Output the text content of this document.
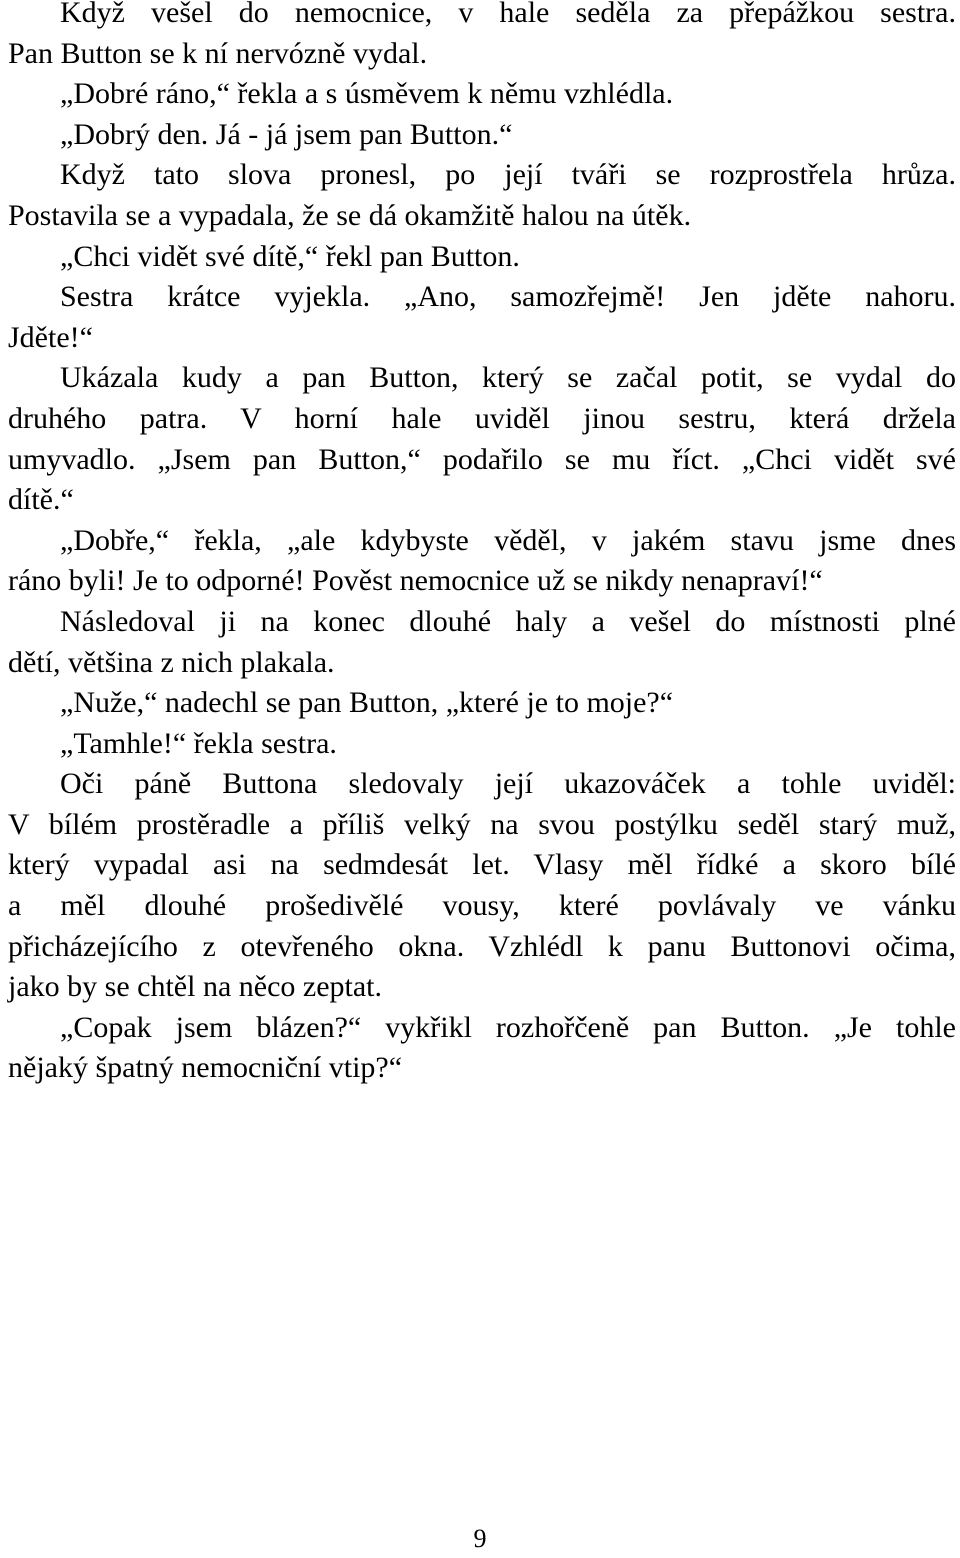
Když vešel do nemocnice, v hale seděla za přepážkou sestra.
Pan Button se k ní nervózně vydal.
„Dobré ráno,“ řekla a s úsměvem k němu vzhlédla.
„Dobrý den. Já - já jsem pan Button.“
Když tato slova pronesl, po její tváři se rozprostřela hrůza.
Postavila se a vypadala, že se dá okamžitě halou na útěk.
„Chci vidět své dítě,“ řekl pan Button.
Sestra krátce vyjekla. „Ano, samozřejmě! Jen jděte nahoru.
Jděte!“
Ukázala kudy a pan Button, který se začal potit, se vydal do
druhého patra. V horní hale uviděl jinou sestru, která držela
umyvadlo. „Jsem pan Button,“ podařilo se mu říct. „Chci vidět své
dítě.“
„Dobře,“ řekla, „ale kdybyste věděl, v jakém stavu jsme dnes
ráno byli! Je to odporné! Pověst nemocnice už se nikdy nenapraví!“
Následoval ji na konec dlouhé haly a vešel do místnosti plné
dětí, většina z nich plakala.
„Nuže,“ nadechl se pan Button, „které je to moje?“
„Tamhle!“ řekla sestra.
Oči páně Buttona sledovaly její ukazováček a tohle uviděl:
V bílém prostěradle a příliš velký na svou postýlku seděl starý muž,
který vypadal asi na sedmdesát let. Vlasy měl řídké a skoro bílé
a měl dlouhé prošedivělé vousy, které povlávaly ve vánku
přicházejícího z otevřeného okna. Vzhlédl k panu Buttonovi očima,
jako by se chtěl na něco zeptat.
„Copak jsem blázen?“ vykřikl rozhořčeně pan Button. „Je tohle
nějaký špatný nemocniční vtip?“
9
